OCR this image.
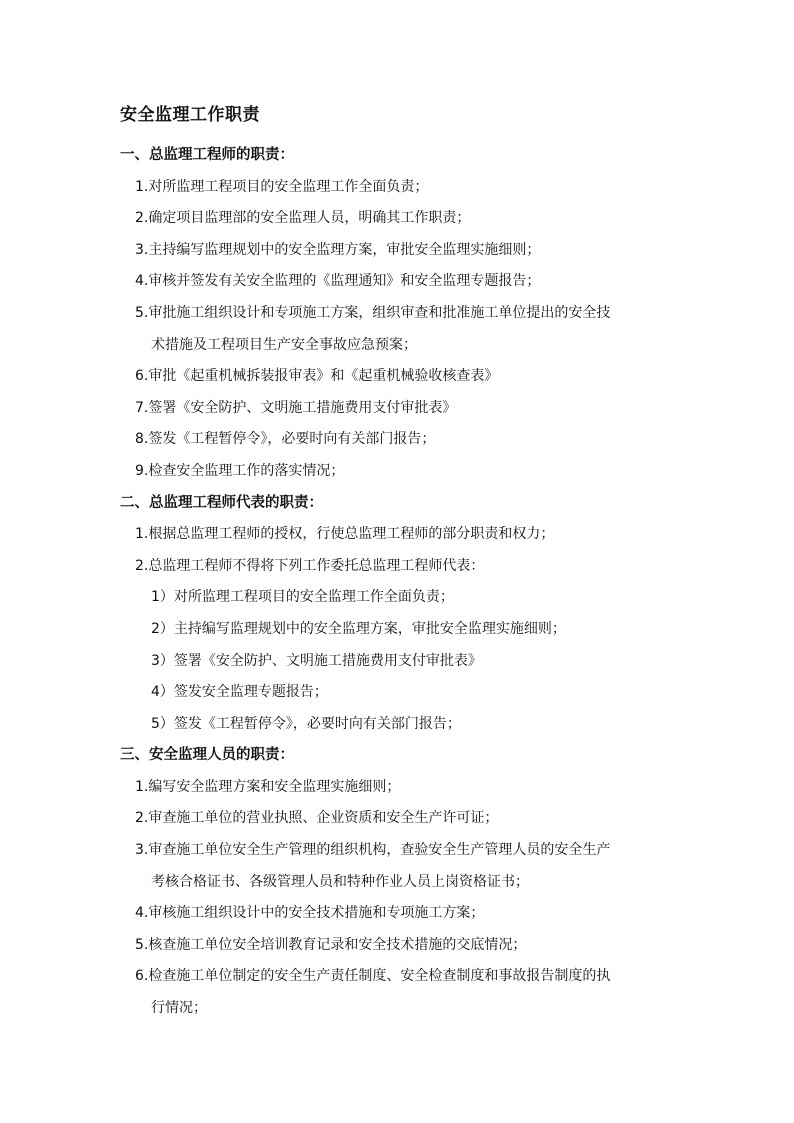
安全监理工作职责
一、总监理工程师的职责：
1.对所监理工程项目的安全监理工作全面负责；
2.确定项目监理部的安全监理人员，明确其工作职责；
3.主持编写监理规划中的安全监理方案，审批安全监理实施细则；
4.审核并签发有关安全监理的《监理通知》和安全监理专题报告；
5.审批施工组织设计和专项施工方案，组织审查和批准施工单位提出的安全技
术措施及工程项目生产安全事故应急预案；
6.审批《起重机械拆装报审表》和《起重机械验收核查表》
7.签署《安全防护、文明施工措施费用支付审批表》
8.签发《工程暂停令》，必要时向有关部门报告；
9.检查安全监理工作的落实情况；
二、总监理工程师代表的职责：
1.根据总监理工程师的授权，行使总监理工程师的部分职责和权力；
2.总监理工程师不得将下列工作委托总监理工程师代表：
1）对所监理工程项目的安全监理工作全面负责；
2）主持编写监理规划中的安全监理方案，审批安全监理实施细则；
3）签署《安全防护、文明施工措施费用支付审批表》
4）签发安全监理专题报告；
5）签发《工程暂停令》，必要时向有关部门报告；
三、安全监理人员的职责：
1.编写安全监理方案和安全监理实施细则；
2.审查施工单位的营业执照、企业资质和安全生产许可证；
3.审查施工单位安全生产管理的组织机构，查验安全生产管理人员的安全生产
考核合格证书、各级管理人员和特种作业人员上岗资格证书；
4.审核施工组织设计中的安全技术措施和专项施工方案；
5.核查施工单位安全培训教育记录和安全技术措施的交底情况；
6.检查施工单位制定的安全生产责任制度、安全检查制度和事故报告制度的执
行情况；
